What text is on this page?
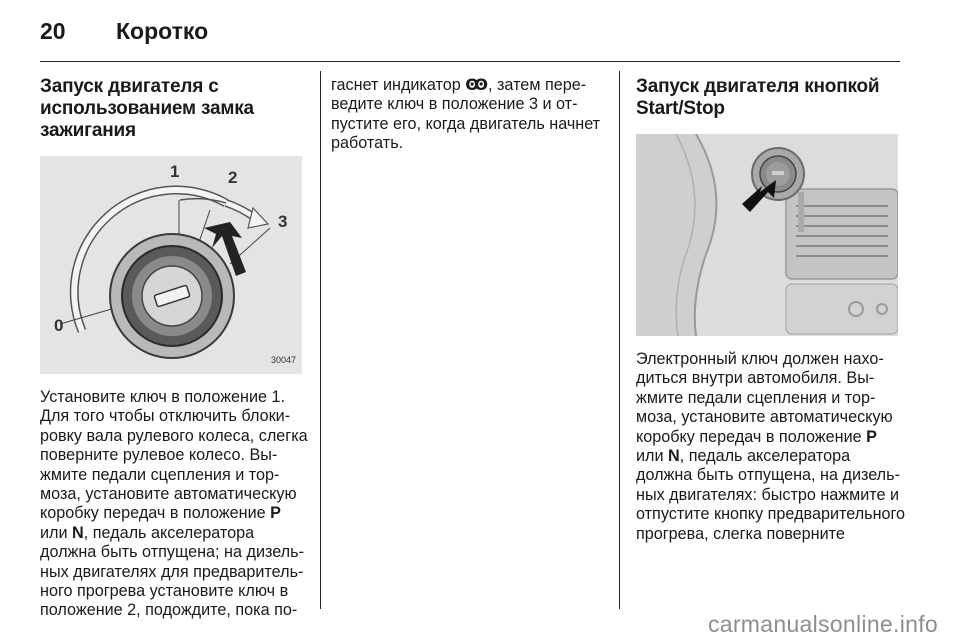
20 Коротко
Запуск двигателя с использованием замка зажигания
0
1	2
3
30047

Установите ключ в положение 1. Для того чтобы отключить блокировку вала рулевого колеса, слегка поверните рулевое колесо. Выжмите педали сцепления и тормоза, установите автоматическую коробку передач в положение P или N, педаль акселератора должна быть отпущена; на дизельных двигателях для предварительного прогрева установите ключ в положение 2, подождите, пока по-

гаснет индикатор Ꙭ, затем переведите ключ в положение 3 и отпустите его, когда двигатель начнет работать.

Запуск двигателя кнопкой Start/Stop

Электронный ключ должен находиться внутри автомобиля. Выжмите педали сцепления и тормоза, установите автоматическую коробку передач в положение P или N, педаль акселератора должна быть отпущена, на дизельных двигателях: быстро нажмите и отпустите кнопку предварительного прогрева, слегка поверните

carmanualsonline.info
